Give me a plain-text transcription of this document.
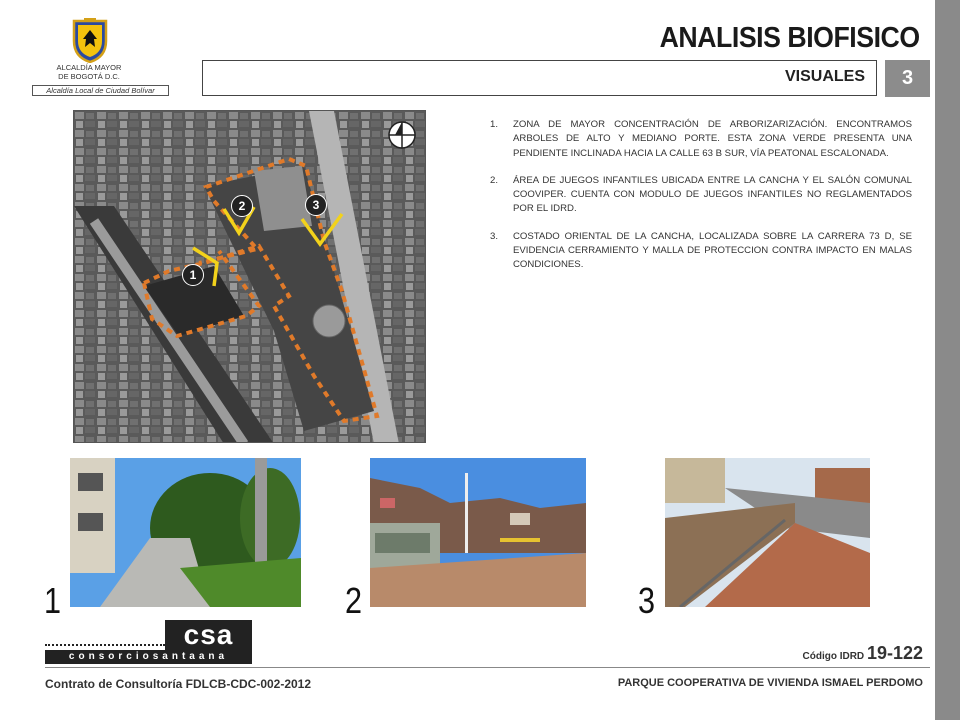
ALCALDÍA MAYOR
DE BOGOTÁ D.C.
Alcaldía Local de Ciudad Bolívar
ANALISIS BIOFISICO
VISUALES	3
1
2	3
1.	ZONA DE MAYOR CONCENTRACIÓN DE ARBORIZARIZACIÓN. ENCONTRAMOS ARBOLES DE ALTO Y MEDIANO PORTE. ESTA ZONA VERDE PRESENTA UNA PENDIENTE INCLINADA HACIA LA CALLE 63 B SUR, VÍA PEATONAL ESCALONADA.
2.	ÁREA DE JUEGOS INFANTILES UBICADA ENTRE LA CANCHA Y EL SALÓN COMUNAL COOVIPER. CUENTA CON MODULO DE JUEGOS INFANTILES NO REGLAMENTADOS POR EL IDRD.
3.	COSTADO ORIENTAL DE LA CANCHA, LOCALIZADA SOBRE LA CARRERA 73 D, SE EVIDENCIA CERRAMIENTO Y MALLA DE PROTECCION CONTRA IMPACTO EN MALAS CONDICIONES.
1	2	3
csa
consorciosantaana	Código IDRD 19-122
Contrato de Consultoría FDLCB-CDC-002-2012	PARQUE COOPERATIVA DE VIVIENDA ISMAEL PERDOMO
